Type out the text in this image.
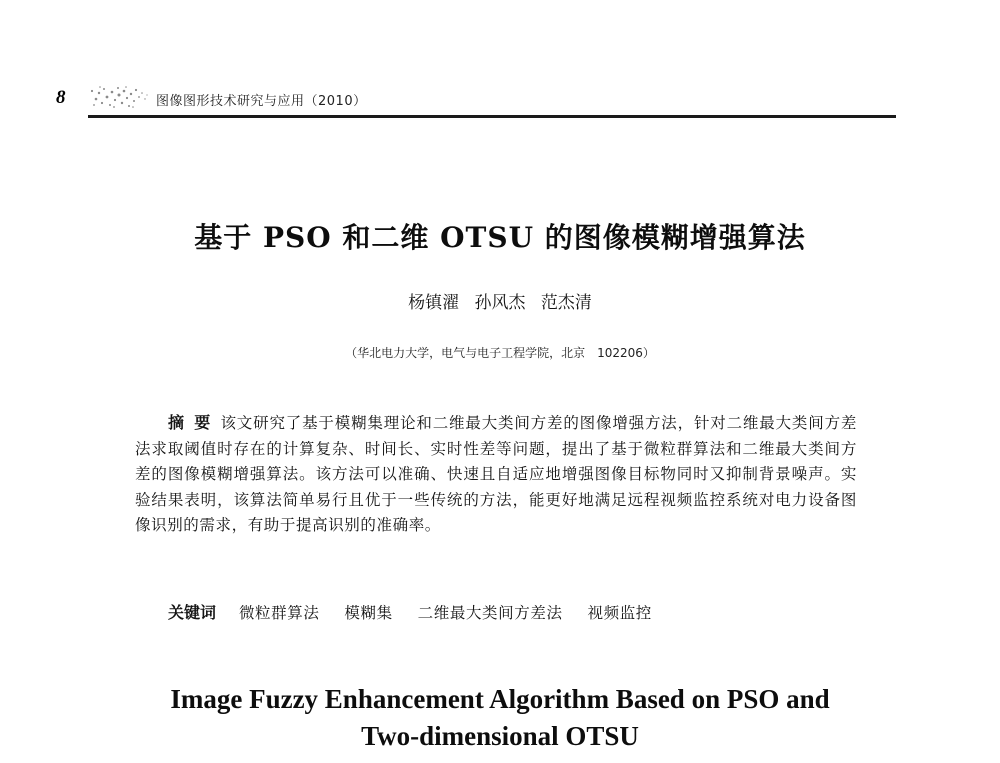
8	图像图形技术研究与应用（2010）
基于 PSO 和二维 OTSU 的图像模糊增强算法
杨镇濯 孙风杰 范杰清
（华北电力大学，电气与电子工程学院，北京　102206）

摘要该文研究了基于模糊集理论和二维最大类间方差的图像增强方法，针对二维最大类间方差法求取阈值时存在的计算复杂、时间长、实时性差等问题，提出了基于微粒群算法和二维最大类间方差的图像模糊增强算法。该方法可以准确、快速且自适应地增强图像目标物同时又抑制背景噪声。实验结果表明，该算法简单易行且优于一些传统的方法，能更好地满足远程视频监控系统对电力设备图像识别的需求，有助于提高识别的准确率。

关键词 微粒群算法 模糊集 二维最大类间方差法 视频监控
Image Fuzzy Enhancement Algorithm Based on PSO and
Two-dimensional OTSU
